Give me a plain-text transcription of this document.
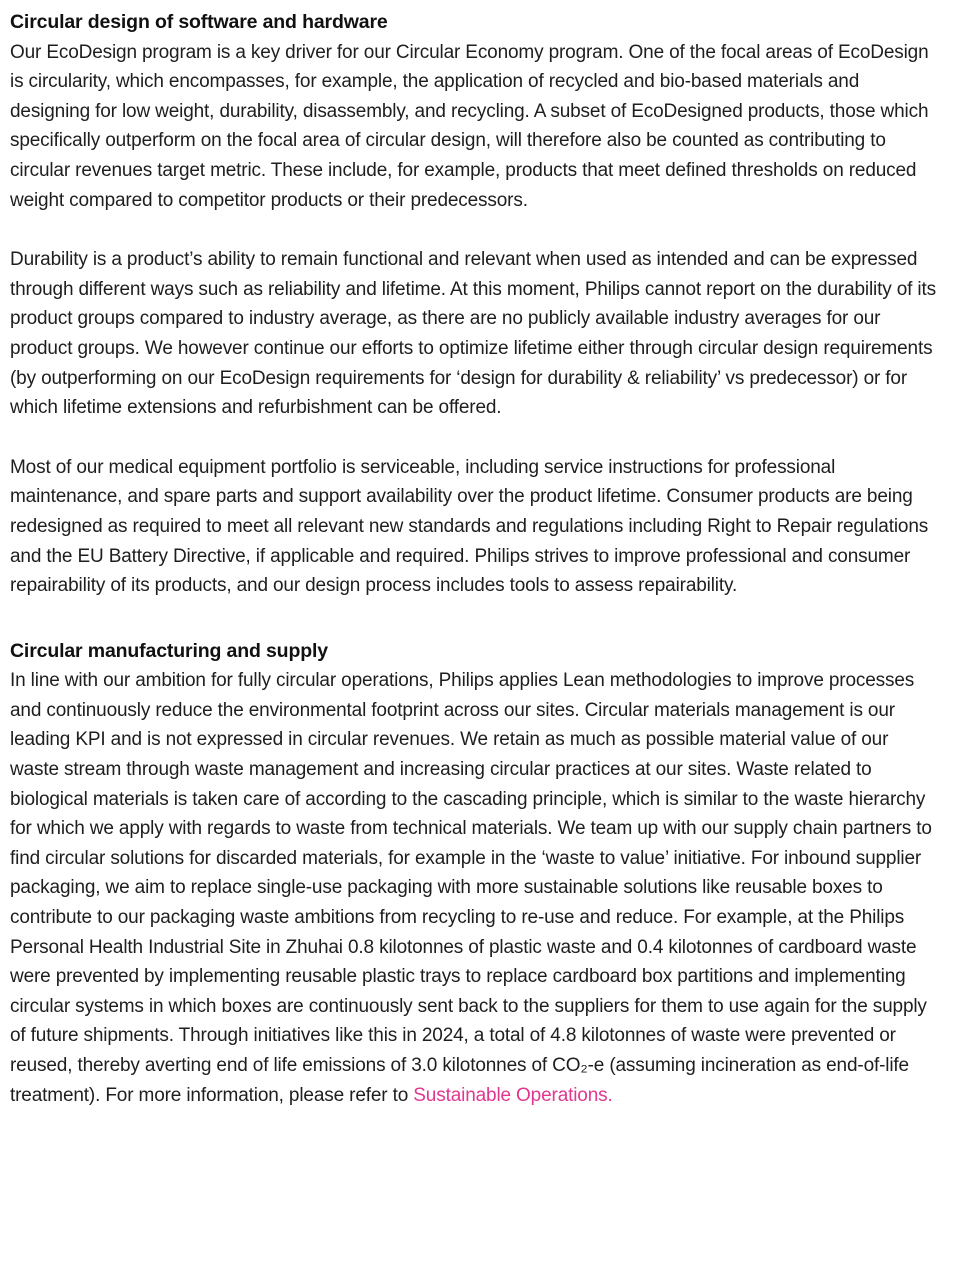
Circular design of software and hardware

Our EcoDesign program is a key driver for our Circular Economy program. One of the focal areas of EcoDesign is circularity, which encompasses, for example, the application of recycled and bio-based materials and designing for low weight, durability, disassembly, and recycling. A subset of EcoDesigned products, those which specifically outperform on the focal area of circular design, will therefore also be counted as contributing to circular revenues target metric. These include, for example, products that meet defined thresholds on reduced weight compared to competitor products or their predecessors.

Durability is a product’s ability to remain functional and relevant when used as intended and can be expressed through different ways such as reliability and lifetime. At this moment, Philips cannot report on the durability of its product groups compared to industry average, as there are no publicly available industry averages for our product groups. We however continue our efforts to optimize lifetime either through circular design requirements (by outperforming on our EcoDesign requirements for ‘design for durability & reliability’ vs predecessor) or for which lifetime extensions and refurbishment can be offered.

Most of our medical equipment portfolio is serviceable, including service instructions for professional maintenance, and spare parts and support availability over the product lifetime. Consumer products are being redesigned as required to meet all relevant new standards and regulations including Right to Repair regulations and the EU Battery Directive, if applicable and required. Philips strives to improve professional and consumer repairability of its products, and our design process includes tools to assess repairability.

Circular manufacturing and supply

In line with our ambition for fully circular operations, Philips applies Lean methodologies to improve processes and continuously reduce the environmental footprint across our sites. Circular materials management is our leading KPI and is not expressed in circular revenues. We retain as much as possible material value of our waste stream through waste management and increasing circular practices at our sites. Waste related to biological materials is taken care of according to the cascading principle, which is similar to the waste hierarchy for which we apply with regards to waste from technical materials. We team up with our supply chain partners to find circular solutions for discarded materials, for example in the ‘waste to value’ initiative. For inbound supplier packaging, we aim to replace single-use packaging with more sustainable solutions like reusable boxes to contribute to our packaging waste ambitions from recycling to re-use and reduce. For example, at the Philips Personal Health Industrial Site in Zhuhai 0.8 kilotonnes of plastic waste and 0.4 kilotonnes of cardboard waste were prevented by implementing reusable plastic trays to replace cardboard box partitions and implementing circular systems in which boxes are continuously sent back to the suppliers for them to use again for the supply of future shipments. Through initiatives like this in 2024, a total of 4.8 kilotonnes of waste were prevented or reused, thereby averting end of life emissions of 3.0 kilotonnes of CO₂-e (assuming incineration as end-of-life treatment). For more information, please refer to Sustainable Operations.
